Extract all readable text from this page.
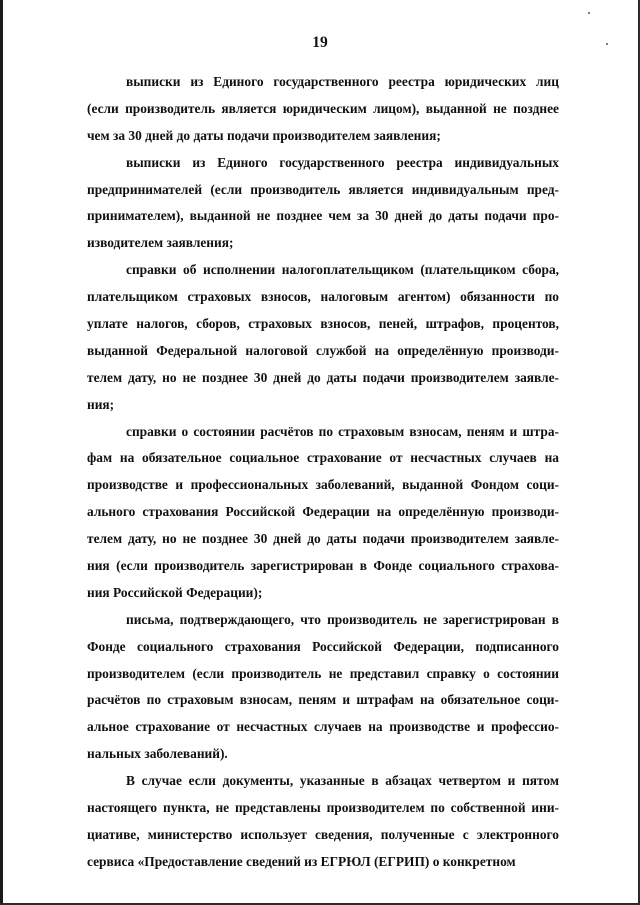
19
выписки из Единого государственного реестра юридических лиц
(если производитель является юридическим лицом), выданной не позднее
чем за 30 дней до даты подачи производителем заявления;
выписки из Единого государственного реестра индивидуальных
предпринимателей (если производитель является индивидуальным пред-
принимателем), выданной не позднее чем за 30 дней до даты подачи про-
изводителем заявления;
справки об исполнении налогоплательщиком (плательщиком сбора,
плательщиком страховых взносов, налоговым агентом) обязанности по
уплате налогов, сборов, страховых взносов, пеней, штрафов, процентов,
выданной Федеральной налоговой службой на определённую производи-
телем дату, но не позднее 30 дней до даты подачи производителем заявле-
ния;
справки о состоянии расчётов по страховым взносам, пеням и штра-
фам на обязательное социальное страхование от несчастных случаев на
производстве и профессиональных заболеваний, выданной Фондом соци-
ального страхования Российской Федерации на определённую производи-
телем дату, но не позднее 30 дней до даты подачи производителем заявле-
ния (если производитель зарегистрирован в Фонде социального страхова-
ния Российской Федерации);
письма, подтверждающего, что производитель не зарегистрирован в
Фонде социального страхования Российской Федерации, подписанного
производителем (если производитель не представил справку о состоянии
расчётов по страховым взносам, пеням и штрафам на обязательное соци-
альное страхование от несчастных случаев на производстве и профессио-
нальных заболеваний).
В случае если документы, указанные в абзацах четвертом и пятом
настоящего пункта, не представлены производителем по собственной ини-
циативе, министерство использует сведения, полученные с электронного
сервиса «Предоставление сведений из ЕГРЮЛ (ЕГРИП) о конкретном
